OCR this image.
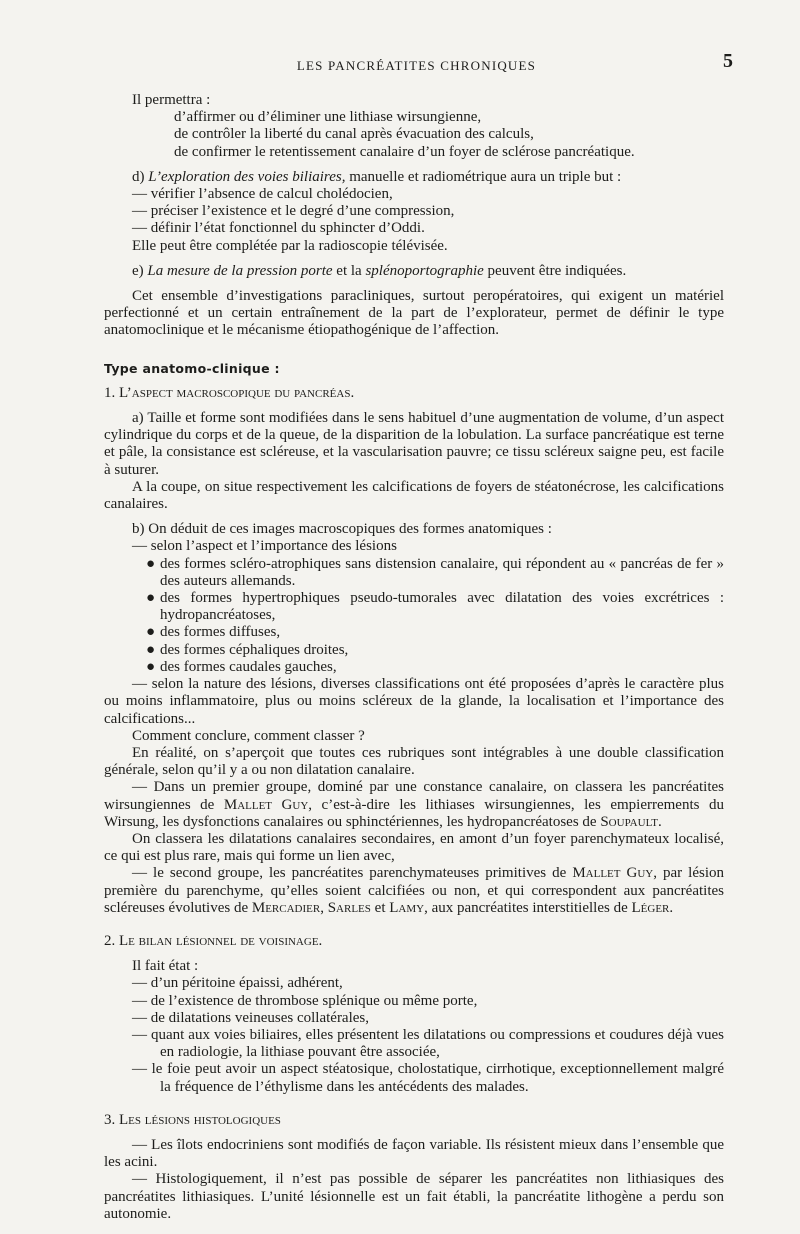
LES PANCRÉATITES CHRONIQUES	5

Il permettra :

d’affirmer ou d’éliminer une lithiase wirsungienne,

de contrôler la liberté du canal après évacuation des calculs,

de confirmer le retentissement canalaire d’un foyer de sclérose pancréatique.

d) L’exploration des voies biliaires, manuelle et radiométrique aura un triple but :

— vérifier l’absence de calcul cholédocien,

— préciser l’existence et le degré d’une compression,

— définir l’état fonctionnel du sphincter d’Oddi.

Elle peut être complétée par la radioscopie télévisée.

e) La mesure de la pression porte et la splénoportographie peuvent être indiquées.

Cet ensemble d’investigations paracliniques, surtout peropératoires, qui exigent un matériel perfectionné et un certain entraînement de la part de l’explorateur, permet de définir le type anatomoclinique et le mécanisme étiopathogénique de l’affection.

Type anatomo-clinique :

1. L’aspect macroscopique du pancréas.

a) Taille et forme sont modifiées dans le sens habituel d’une augmentation de volume, d’un aspect cylindrique du corps et de la queue, de la disparition de la lobulation. La surface pancréatique est terne et pâle, la consistance est scléreuse, et la vascularisation pauvre; ce tissu scléreux saigne peu, est facile à suturer.

A la coupe, on situe respectivement les calcifications de foyers de stéatonécrose, les calcifications canalaires.

b) On déduit de ces images macroscopiques des formes anatomiques :

— selon l’aspect et l’importance des lésions

● des formes scléro-atrophiques sans distension canalaire, qui répondent au « pancréas de fer » des auteurs allemands.

● des formes hypertrophiques pseudo-tumorales avec dilatation des voies excrétrices : hydropancréatoses,

● des formes diffuses,

● des formes céphaliques droites,

● des formes caudales gauches,

— selon la nature des lésions, diverses classifications ont été proposées d’après le caractère plus ou moins inflammatoire, plus ou moins scléreux de la glande, la localisation et l’importance des calcifications...

Comment conclure, comment classer ?

En réalité, on s’aperçoit que toutes ces rubriques sont intégrables à une double classification générale, selon qu’il y a ou non dilatation canalaire.

— Dans un premier groupe, dominé par une constance canalaire, on classera les pancréatites wirsungiennes de Mallet Guy, c’est-à-dire les lithiases wirsungiennes, les empierrements du Wirsung, les dysfonctions canalaires ou sphinctériennes, les hydropancréatoses de Soupault.

On classera les dilatations canalaires secondaires, en amont d’un foyer parenchymateux localisé, ce qui est plus rare, mais qui forme un lien avec,

— le second groupe, les pancréatites parenchymateuses primitives de Mallet Guy, par lésion première du parenchyme, qu’elles soient calcifiées ou non, et qui correspondent aux pancréatites scléreuses évolutives de Mercadier, Sarles et Lamy, aux pancréatites interstitielles de Léger.

2. Le bilan lésionnel de voisinage.

Il fait état :

— d’un péritoine épaissi, adhérent,

— de l’existence de thrombose splénique ou même porte,

— de dilatations veineuses collatérales,

— quant aux voies biliaires, elles présentent les dilatations ou compressions et coudures déjà vues en radiologie, la lithiase pouvant être associée,

— le foie peut avoir un aspect stéatosique, cholostatique, cirrhotique, exceptionnellement malgré la fréquence de l’éthylisme dans les antécédents des malades.

3. Les lésions histologiques

— Les îlots endocriniens sont modifiés de façon variable. Ils résistent mieux dans l’ensemble que les acini.

— Histologiquement, il n’est pas possible de séparer les pancréatites non lithiasiques des pancréatites lithiasiques. L’unité lésionnelle est un fait établi, la pancréatite lithogène a perdu son autonomie.
